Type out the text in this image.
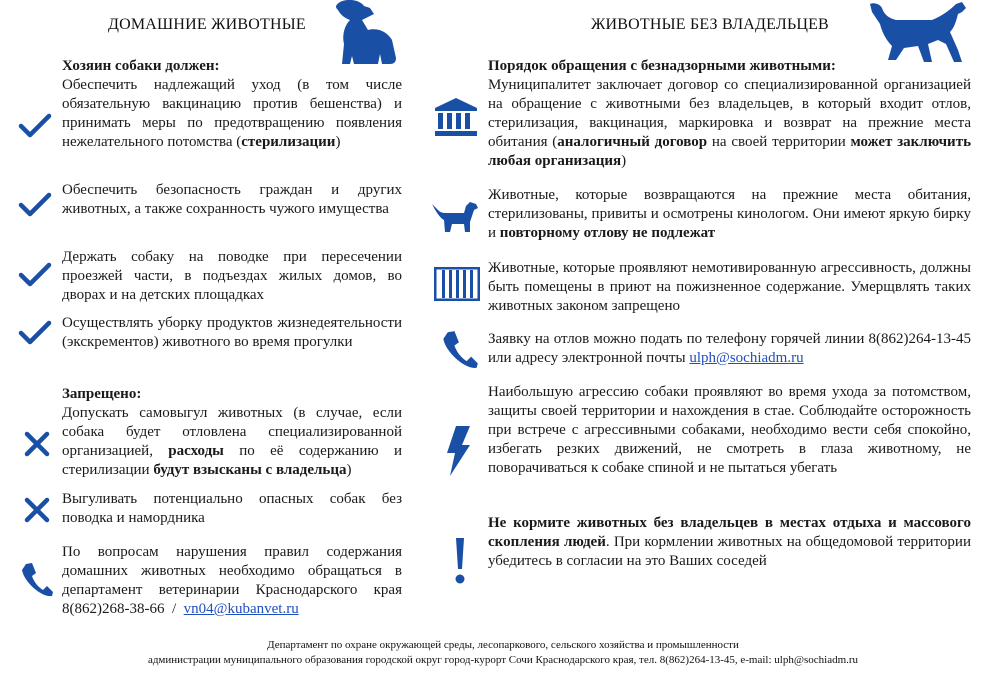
ДОМАШНИЕ ЖИВОТНЫЕ
Хозяин собаки должен:
Обеспечить надлежащий уход (в том числе обязательную вакцинацию против бешенства) и принимать меры по предотвращению появления нежелательного потомства (стерилизации)
Обеспечить безопасность граждан и других животных, а также сохранность чужого имущества
Держать собаку на поводке при пересечении проезжей части, в подъездах жилых домов, во дворах и на детских площадках
Осуществлять уборку продуктов жизнедеятельности (экскрементов) животного во время прогулки
Запрещено:
Допускать самовыгул животных (в случае, если собака будет отловлена специализированной организацией, расходы по её содержанию и стерилизации будут взысканы с владельца)
Выгуливать потенциально опасных собак без поводка и намордника
По вопросам нарушения правил содержания домашних животных необходимо обращаться в департамент ветеринарии Краснодарского края 8(862)268-38-66 / vn04@kubanvet.ru
ЖИВОТНЫЕ БЕЗ ВЛАДЕЛЬЦЕВ
Порядок обращения с безнадзорными животными:
Муниципалитет заключает договор со специализированной организацией на обращение с животными без владельцев, в который входит отлов, стерилизация, вакцинация, маркировка и возврат на прежние места обитания (аналогичный договор на своей территории может заключить любая организация)
Животные, которые возвращаются на прежние места обитания, стерилизованы, привиты и осмотрены кинологом. Они имеют яркую бирку и повторному отлову не подлежат
Животные, которые проявляют немотивированную агрессивность, должны быть помещены в приют на пожизненное содержание. Умерщвлять таких животных законом запрещено
Заявку на отлов можно подать по телефону горячей линии 8(862)264-13-45 или адресу электронной почты ulph@sochiadm.ru
Наибольшую агрессию собаки проявляют во время ухода за потомством, защиты своей территории и нахождения в стае. Соблюдайте осторожность при встрече с агрессивными собаками, необходимо вести себя спокойно, избегать резких движений, не смотреть в глаза животному, не поворачиваться к собаке спиной и не пытаться убегать
Не кормите животных без владельцев в местах отдыха и массового скопления людей. При кормлении животных на общедомовой территории убедитесь в согласии на это Ваших соседей
Департамент по охране окружающей среды, лесопаркового, сельского хозяйства и промышленности
администрации муниципального образования городской округ город-курорт Сочи Краснодарского края, тел. 8(862)264-13-45, e-mail: ulph@sochiadm.ru
